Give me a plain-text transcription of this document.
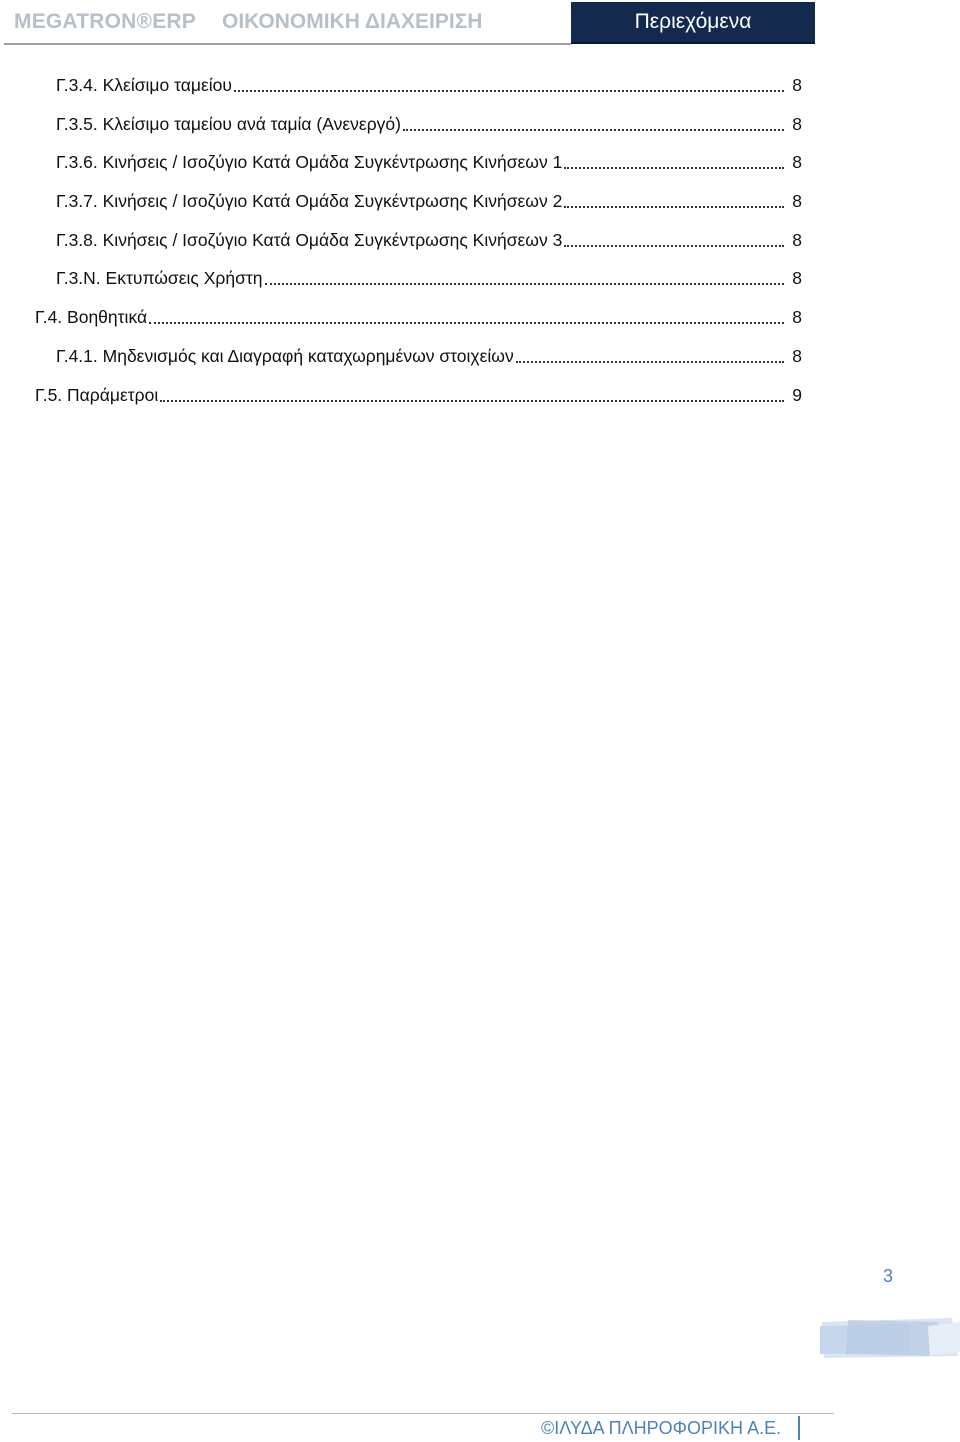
MEGATRON®ERP ΟΙΚΟΝΟΜΙΚΗ ΔΙΑΧΕΙΡΙΣΗ	Περιεχόμενα
Γ.3.4. Κλείσιμο ταμείου	8
Γ.3.5. Κλείσιμο ταμείου ανά ταμία (Ανενεργό)	8
Γ.3.6. Κινήσεις / Ισοζύγιο Κατά Ομάδα Συγκέντρωσης Κινήσεων 1	8
Γ.3.7. Κινήσεις / Ισοζύγιο Κατά Ομάδα Συγκέντρωσης Κινήσεων 2	8
Γ.3.8. Κινήσεις / Ισοζύγιο Κατά Ομάδα Συγκέντρωσης Κινήσεων 3	8
Γ.3.Ν. Εκτυπώσεις Χρήστη	8
Γ.4. Βοηθητικά	8
Γ.4.1. Μηδενισμός και Διαγραφή καταχωρημένων στοιχείων	8
Γ.5. Παράμετροι	9
3
©ΙΛΥΔΑ ΠΛΗΡΟΦΟΡΙΚΗ Α.Ε.
